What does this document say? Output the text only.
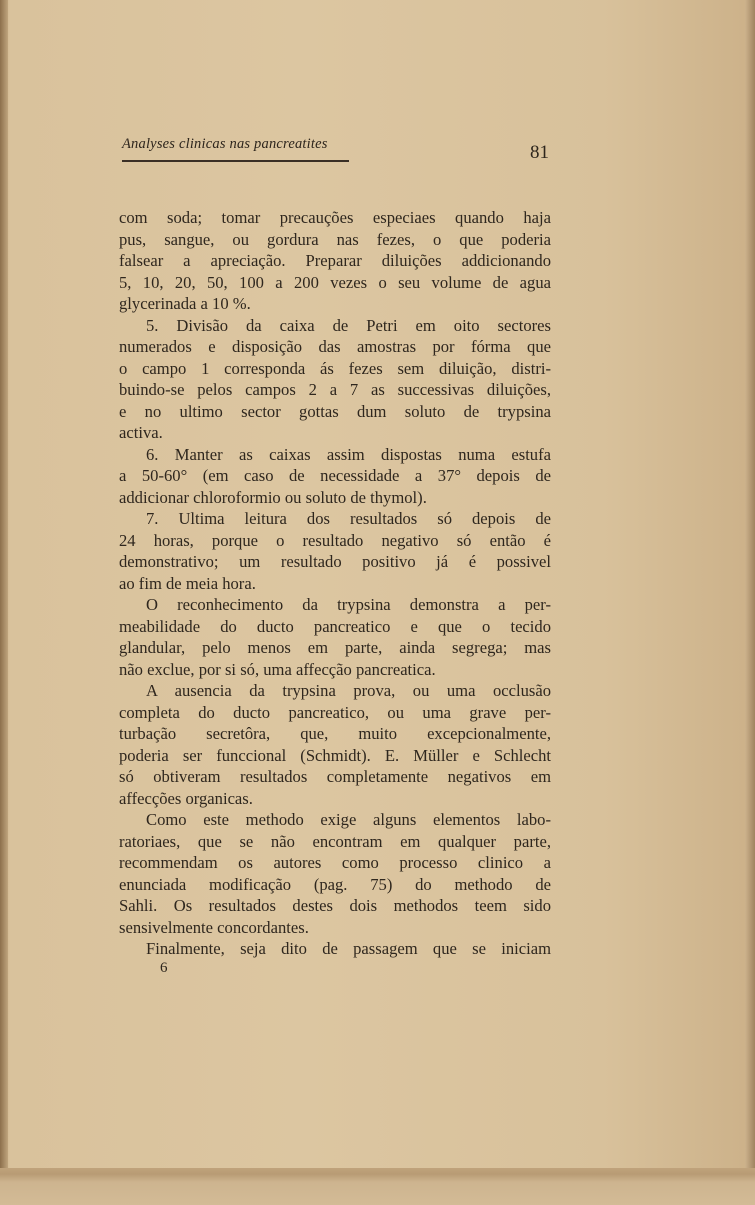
Analyses clinicas nas pancreatites	81
com soda; tomar precauções especiaes quando haja
pus, sangue, ou gordura nas fezes, o que poderia
falsear a apreciação. Preparar diluições addicionando
5, 10, 20, 50, 100 a 200 vezes o seu volume de agua
glycerinada a 10 %.
5. Divisão da caixa de Petri em oito sectores
numerados e disposição das amostras por fórma que
o campo 1 corresponda ás fezes sem diluição, distri-
buindo-se pelos campos 2 a 7 as successivas diluições,
e no ultimo sector gottas dum soluto de trypsina
activa.
6. Manter as caixas assim dispostas numa estufa
a 50-60° (em caso de necessidade a 37° depois de
addicionar chloroformio ou soluto de thymol).
7. Ultima leitura dos resultados só depois de
24 horas, porque o resultado negativo só então é
demonstrativo; um resultado positivo já é possivel
ao fim de meia hora.
O reconhecimento da trypsina demonstra a per-
meabilidade do ducto pancreatico e que o tecido
glandular, pelo menos em parte, ainda segrega; mas
não exclue, por si só, uma affecção pancreatica.
A ausencia da trypsina prova, ou uma occlusão
completa do ducto pancreatico, ou uma grave per-
turbação secretôra, que, muito excepcionalmente,
poderia ser funccional (Schmidt). E. Müller e Schlecht
só obtiveram resultados completamente negativos em
affecções organicas.
Como este methodo exige alguns elementos labo-
ratoriaes, que se não encontram em qualquer parte,
recommendam os autores como processo clinico a
enunciada modificação (pag. 75) do methodo de
Sahli. Os resultados destes dois methodos teem sido
sensivelmente concordantes.
Finalmente, seja dito de passagem que se iniciam
6
